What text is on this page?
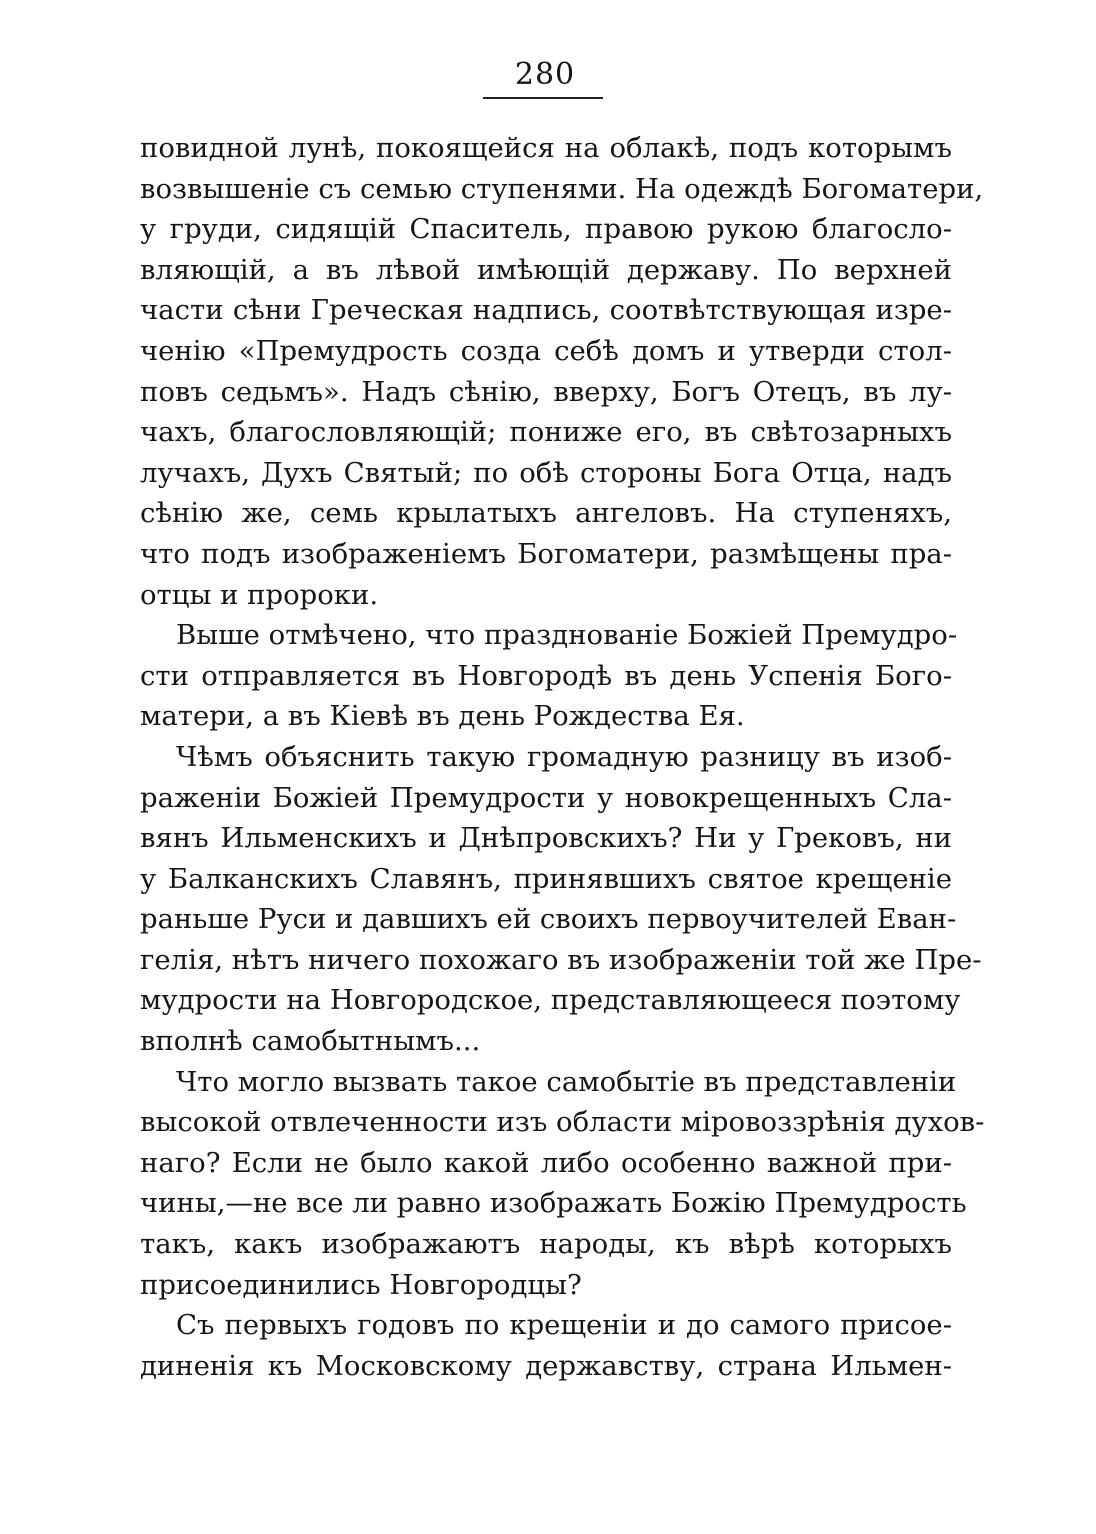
280
повидной лунѣ, покоящейся на облакѣ, подъ которымъ
возвышеніе съ семью ступенями. На одеждѣ Богоматери,
у груди, сидящій Спаситель, правою рукою благосло-
вляющій, а въ лѣвой имѣющій державу. По верхней
части сѣни Греческая надпись, соотвѣтствующая изре-
ченію «Премудрость созда себѣ домъ и утверди стол-
повъ седьмъ». Надъ сѣнію, вверху, Богъ Отецъ, въ лу-
чахъ, благословляющій; пониже его, въ свѣтозарныхъ
лучахъ, Духъ Святый; по обѣ стороны Бога Отца, надъ
сѣнію же, семь крылатыхъ ангеловъ. На ступеняхъ,
что подъ изображеніемъ Богоматери, размѣщены пра-
отцы и пророки.
Выше отмѣчено, что празднованіе Божіей Премудро-
сти отправляется въ Новгородѣ въ день Успенія Бого-
матери, а въ Кіевѣ въ день Рождества Ея.
Чѣмъ объяснить такую громадную разницу въ изоб-
раженіи Божіей Премудрости у новокрещенныхъ Сла-
вянъ Ильменскихъ и Днѣпровскихъ? Ни у Грековъ, ни
у Балканскихъ Славянъ, принявшихъ святое крещеніе
раньше Руси и давшихъ ей своихъ первоучителей Еван-
гелія, нѣтъ ничего похожаго въ изображеніи той же Пре-
мудрости на Новгородское, представляющееся поэтому
вполнѣ самобытнымъ...
Что могло вызвать такое самобытіе въ представленіи
высокой отвлеченности изъ области міровоззрѣнія духов-
наго? Если не было какой либо особенно важной при-
чины,—не все ли равно изображать Божію Премудрость
такъ, какъ изображаютъ народы, къ вѣрѣ которыхъ
присоединились Новгородцы?
Съ первыхъ годовъ по крещеніи и до самого присое-
диненія къ Московскому державству, страна Ильмен-
